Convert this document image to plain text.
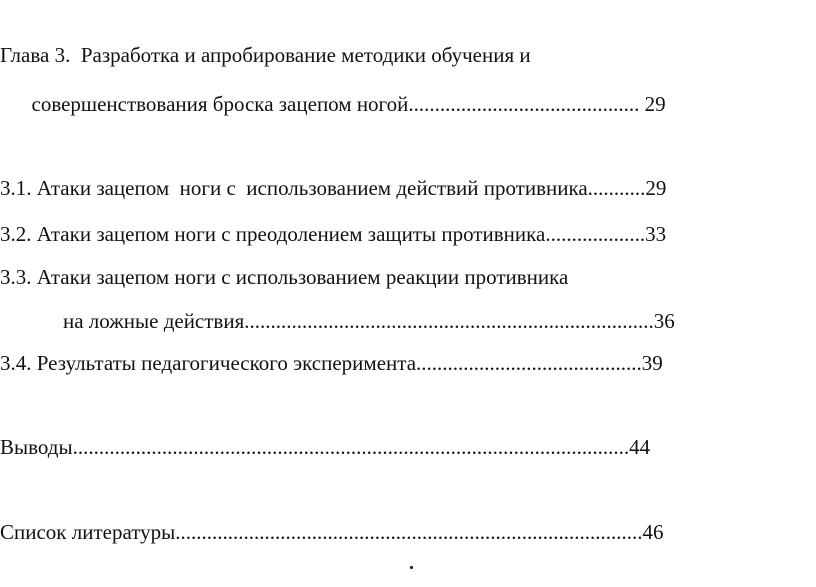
Глава 3.  Разработка и апробирование методики обучения и
совершенствования броска зацепом ногой............................................ 29
3.1. Атаки зацепом  ноги с  использованием действий противника...........29
3.2. Атаки зацепом ноги с преодолением защиты противника...................33
3.3. Атаки зацепом ноги с использованием реакции противника
на ложные действия..............................................................................36
3.4. Результаты педагогического эксперимента...........................................39
Выводы..........................................................................................................44
Список литературы.........................................................................................46
